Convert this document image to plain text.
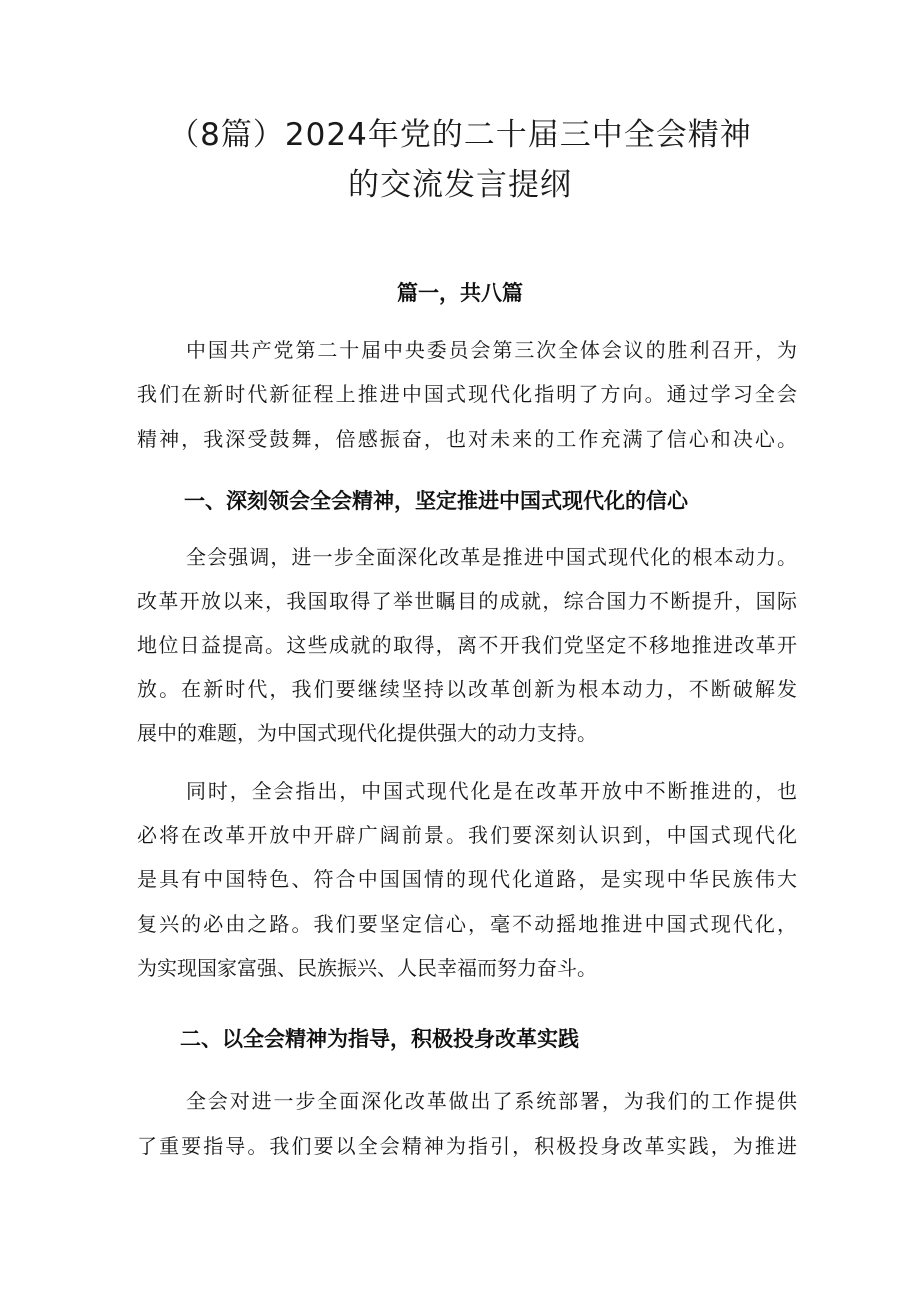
（8篇）2024年党的二十届三中全会精神
的交流发言提纲
篇一，共八篇
中国共产党第二十届中央委员会第三次全体会议的胜利召开，为
我们在新时代新征程上推进中国式现代化指明了方向。通过学习全会
精神，我深受鼓舞，倍感振奋，也对未来的工作充满了信心和决心。
一、深刻领会全会精神，坚定推进中国式现代化的信心
全会强调，进一步全面深化改革是推进中国式现代化的根本动力。
改革开放以来，我国取得了举世瞩目的成就，综合国力不断提升，国际
地位日益提高。这些成就的取得，离不开我们党坚定不移地推进改革开
放。在新时代，我们要继续坚持以改革创新为根本动力，不断破解发
展中的难题，为中国式现代化提供强大的动力支持。
同时，全会指出，中国式现代化是在改革开放中不断推进的，也
必将在改革开放中开辟广阔前景。我们要深刻认识到，中国式现代化
是具有中国特色、符合中国国情的现代化道路，是实现中华民族伟大
复兴的必由之路。我们要坚定信心，毫不动摇地推进中国式现代化，
为实现国家富强、民族振兴、人民幸福而努力奋斗。
二、以全会精神为指导，积极投身改革实践
全会对进一步全面深化改革做出了系统部署，为我们的工作提供
了重要指导。我们要以全会精神为指引，积极投身改革实践，为推进
